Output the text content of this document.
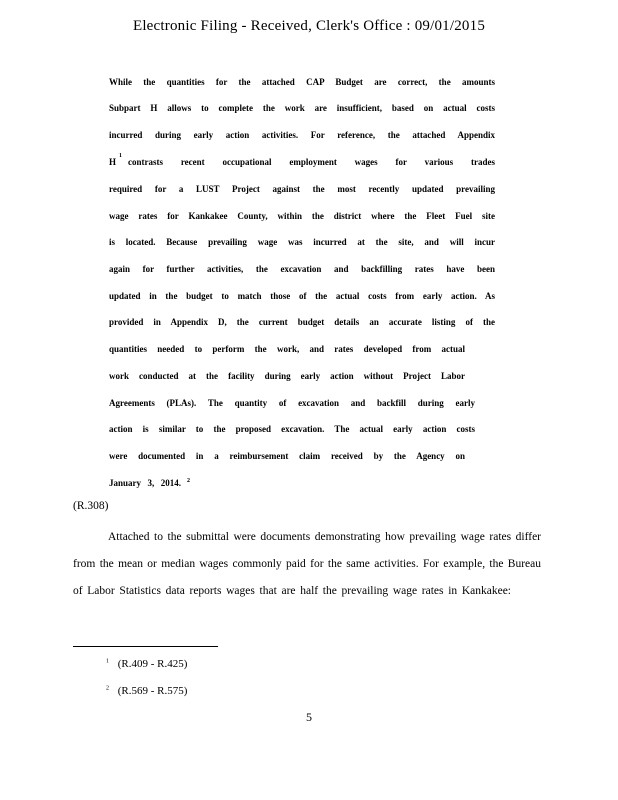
Electronic Filing - Received, Clerk's Office : 09/01/2015
While the quantities for the attached CAP Budget are correct, the amounts
Subpart H allows to complete the work are insufficient, based on actual costs
incurred during early action activities. For reference, the attached Appendix
H
1
contrasts recent occupational employment wages for various trades
required for a LUST Project against the most recently updated prevailing
wage rates for Kankakee County, within the district where the Fleet Fuel site
is located. Because prevailing wage was incurred at the site, and will incur
again for further activities, the excavation and backfilling rates have been
updated in the budget to match those of the actual costs from early action. As
provided in Appendix D, the current budget details an accurate listing of the
quantities needed to perform the work, and rates developed from actual
work conducted at the facility during early action without Project Labor
Agreements (PLAs). The quantity of excavation and backfill during early
action is similar to the proposed excavation. The actual early action costs
were documented in a reimbursement claim received by the Agency on
January 3, 2014. $^2$
(R.308)
Attached to the submittal were documents demonstrating how prevailing wage rates differ
from the mean or median wages commonly paid for the same activities. For example, the Bureau
of Labor Statistics data reports wages that are half the prevailing wage rates in Kankakee:
$^1$ (R.409 - R.425)
$^2$ (R.569 - R.575)
5
